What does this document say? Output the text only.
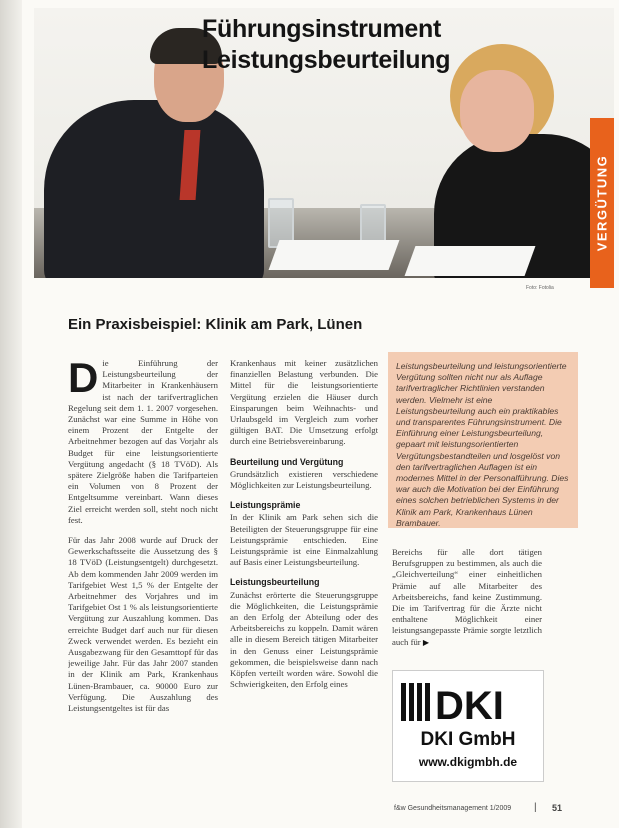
Führungsinstrument
Leistungsbeurteilung
VERGÜTUNG
Foto: Fotolia
Ein Praxisbeispiel: Klinik am Park, Lünen

Die Einführung der Leistungsbeurteilung der Mitarbeiter in Krankenhäusern ist nach der tarifvertraglichen Regelung seit dem 1. 1. 2007 vorgesehen. Zunächst war eine Summe in Höhe von einem Prozent der Entgelte der Arbeitnehmer bezogen auf das Vorjahr als Budget für eine leistungsorientierte Vergütung angedacht (§ 18 TVöD). Als spätere Zielgröße haben die Tarifparteien ein Volumen von 8 Prozent der Entgeltsumme vereinbart. Wann dieses Ziel erreicht werden soll, steht noch nicht fest.

Für das Jahr 2008 wurde auf Druck der Gewerkschaftsseite die Aussetzung des § 18 TVöD (Leistungsentgelt) durchgesetzt. Ab dem kommenden Jahr 2009 werden im Tarifgebiet West 1,5 % der Entgelte der Arbeitnehmer des Vorjahres und im Tarifgebiet Ost 1 % als leistungsorientierte Vergütung zur Auszahlung kommen. Das erreichte Budget darf auch nur für diesen Zweck verwendet werden. Es bezieht ein Ausgabezwang für den Gesamttopf für das jeweilige Jahr. Für das Jahr 2007 standen in der Klinik am Park, Krankenhaus Lünen-Brambauer, ca. 90000 Euro zur Verfügung. Die Auszahlung des Leistungsentgeltes ist für das

Krankenhaus mit keiner zusätzlichen finanziellen Belastung verbunden. Die Mittel für die leistungsorientierte Vergütung erzielen die Häuser durch Einsparungen beim Weihnachts- und Urlaubsgeld im Vergleich zum vorher gültigen BAT. Die Umsetzung erfolgt durch eine Betriebsvereinbarung.

Beurteilung und Vergütung

Grundsätzlich existieren verschiedene Möglichkeiten zur Leistungsbeurteilung.

Leistungsprämie

In der Klinik am Park sehen sich die Beteiligten der Steuerungsgruppe für eine Leistungsprämie entschieden. Eine Leistungsprämie ist eine Einmalzahlung auf Basis einer Leistungsbeurteilung.

Leistungsbeurteilung

Zunächst erörterte die Steuerungsgruppe die Möglichkeiten, die Leistungsprämie an den Erfolg der Abteilung oder des Arbeitsbereichs zu koppeln. Damit wären alle in diesem Bereich tätigen Mitarbeiter in den Genuss einer Leistungsprämie gekommen, die beispielsweise dann nach Köpfen verteilt worden wäre. Sowohl die Schwierigkeiten, den Erfolg eines

Leistungsbeurteilung und leistungsorientierte Vergütung sollten nicht nur als Auflage tarifvertraglicher Richtlinien verstanden werden. Vielmehr ist eine Leistungsbeurteilung auch ein praktikables und transparentes Führungsinstrument. Die Einführung einer Leistungsbeurteilung, gepaart mit leistungsorientierten Vergütungsbestandteilen und losgelöst von den tarifvertraglichen Auflagen ist ein modernes Mittel in der Personalführung. Dies war auch die Motivation bei der Einführung eines solchen betrieblichen Systems in der Klinik am Park, Krankenhaus Lünen Brambauer.

Bereichs für alle dort tätigen Berufsgruppen zu bestimmen, als auch die „Gleichverteilung“ einer einheitlichen Prämie auf alle Mitarbeiter des Arbeitsbereichs, fand keine Zustimmung. Die im Tarifvertrag für die Ärzte nicht enthaltene Möglichkeit einer leistungsangepasste Prämie sorgte letztlich auch für ▶

DKI

DKI GmbH

www.dkigmbh.de

f&w Gesundheitsmanagement 1/2009 | 51
